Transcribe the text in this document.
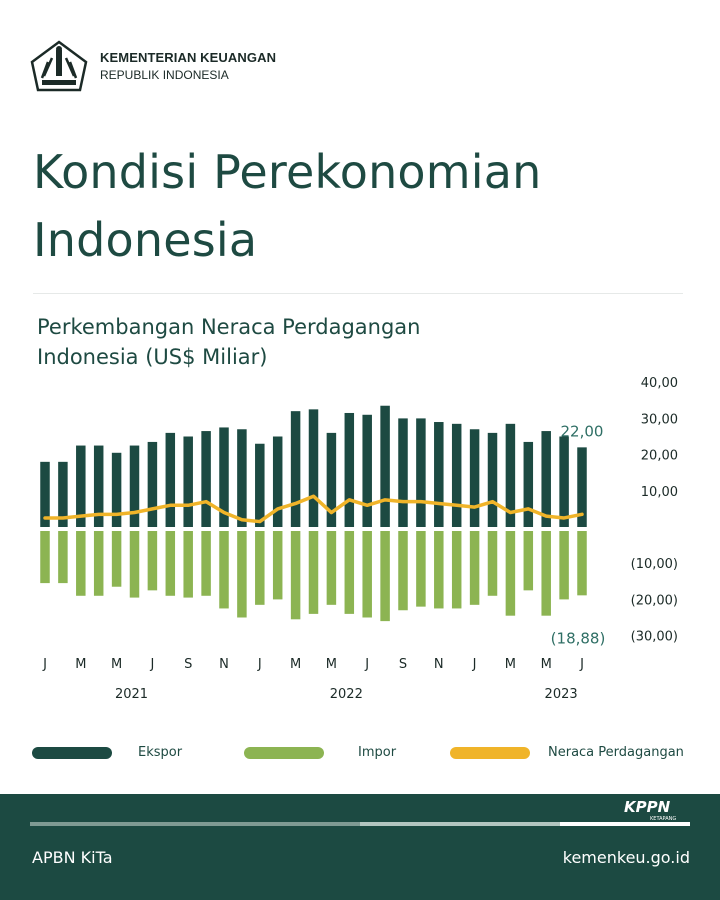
KEMENTERIAN KEUANGAN
REPUBLIK INDONESIA
Kondisi Perekonomian
Indonesia
Perkembangan Neraca Perdagangan
Indonesia (US$ Miliar)
40,00
30,00
20,00
10,00
(10,00)
(20,00)
(30,00)
J M M J S N J M M J S N J M M J
2021	2022	2023
22,00
(18,88)
Ekspor	Impor	Neraca Perdagangan
KPPN
KETAPANG
APBN KiTa	kemenkeu.go.id
